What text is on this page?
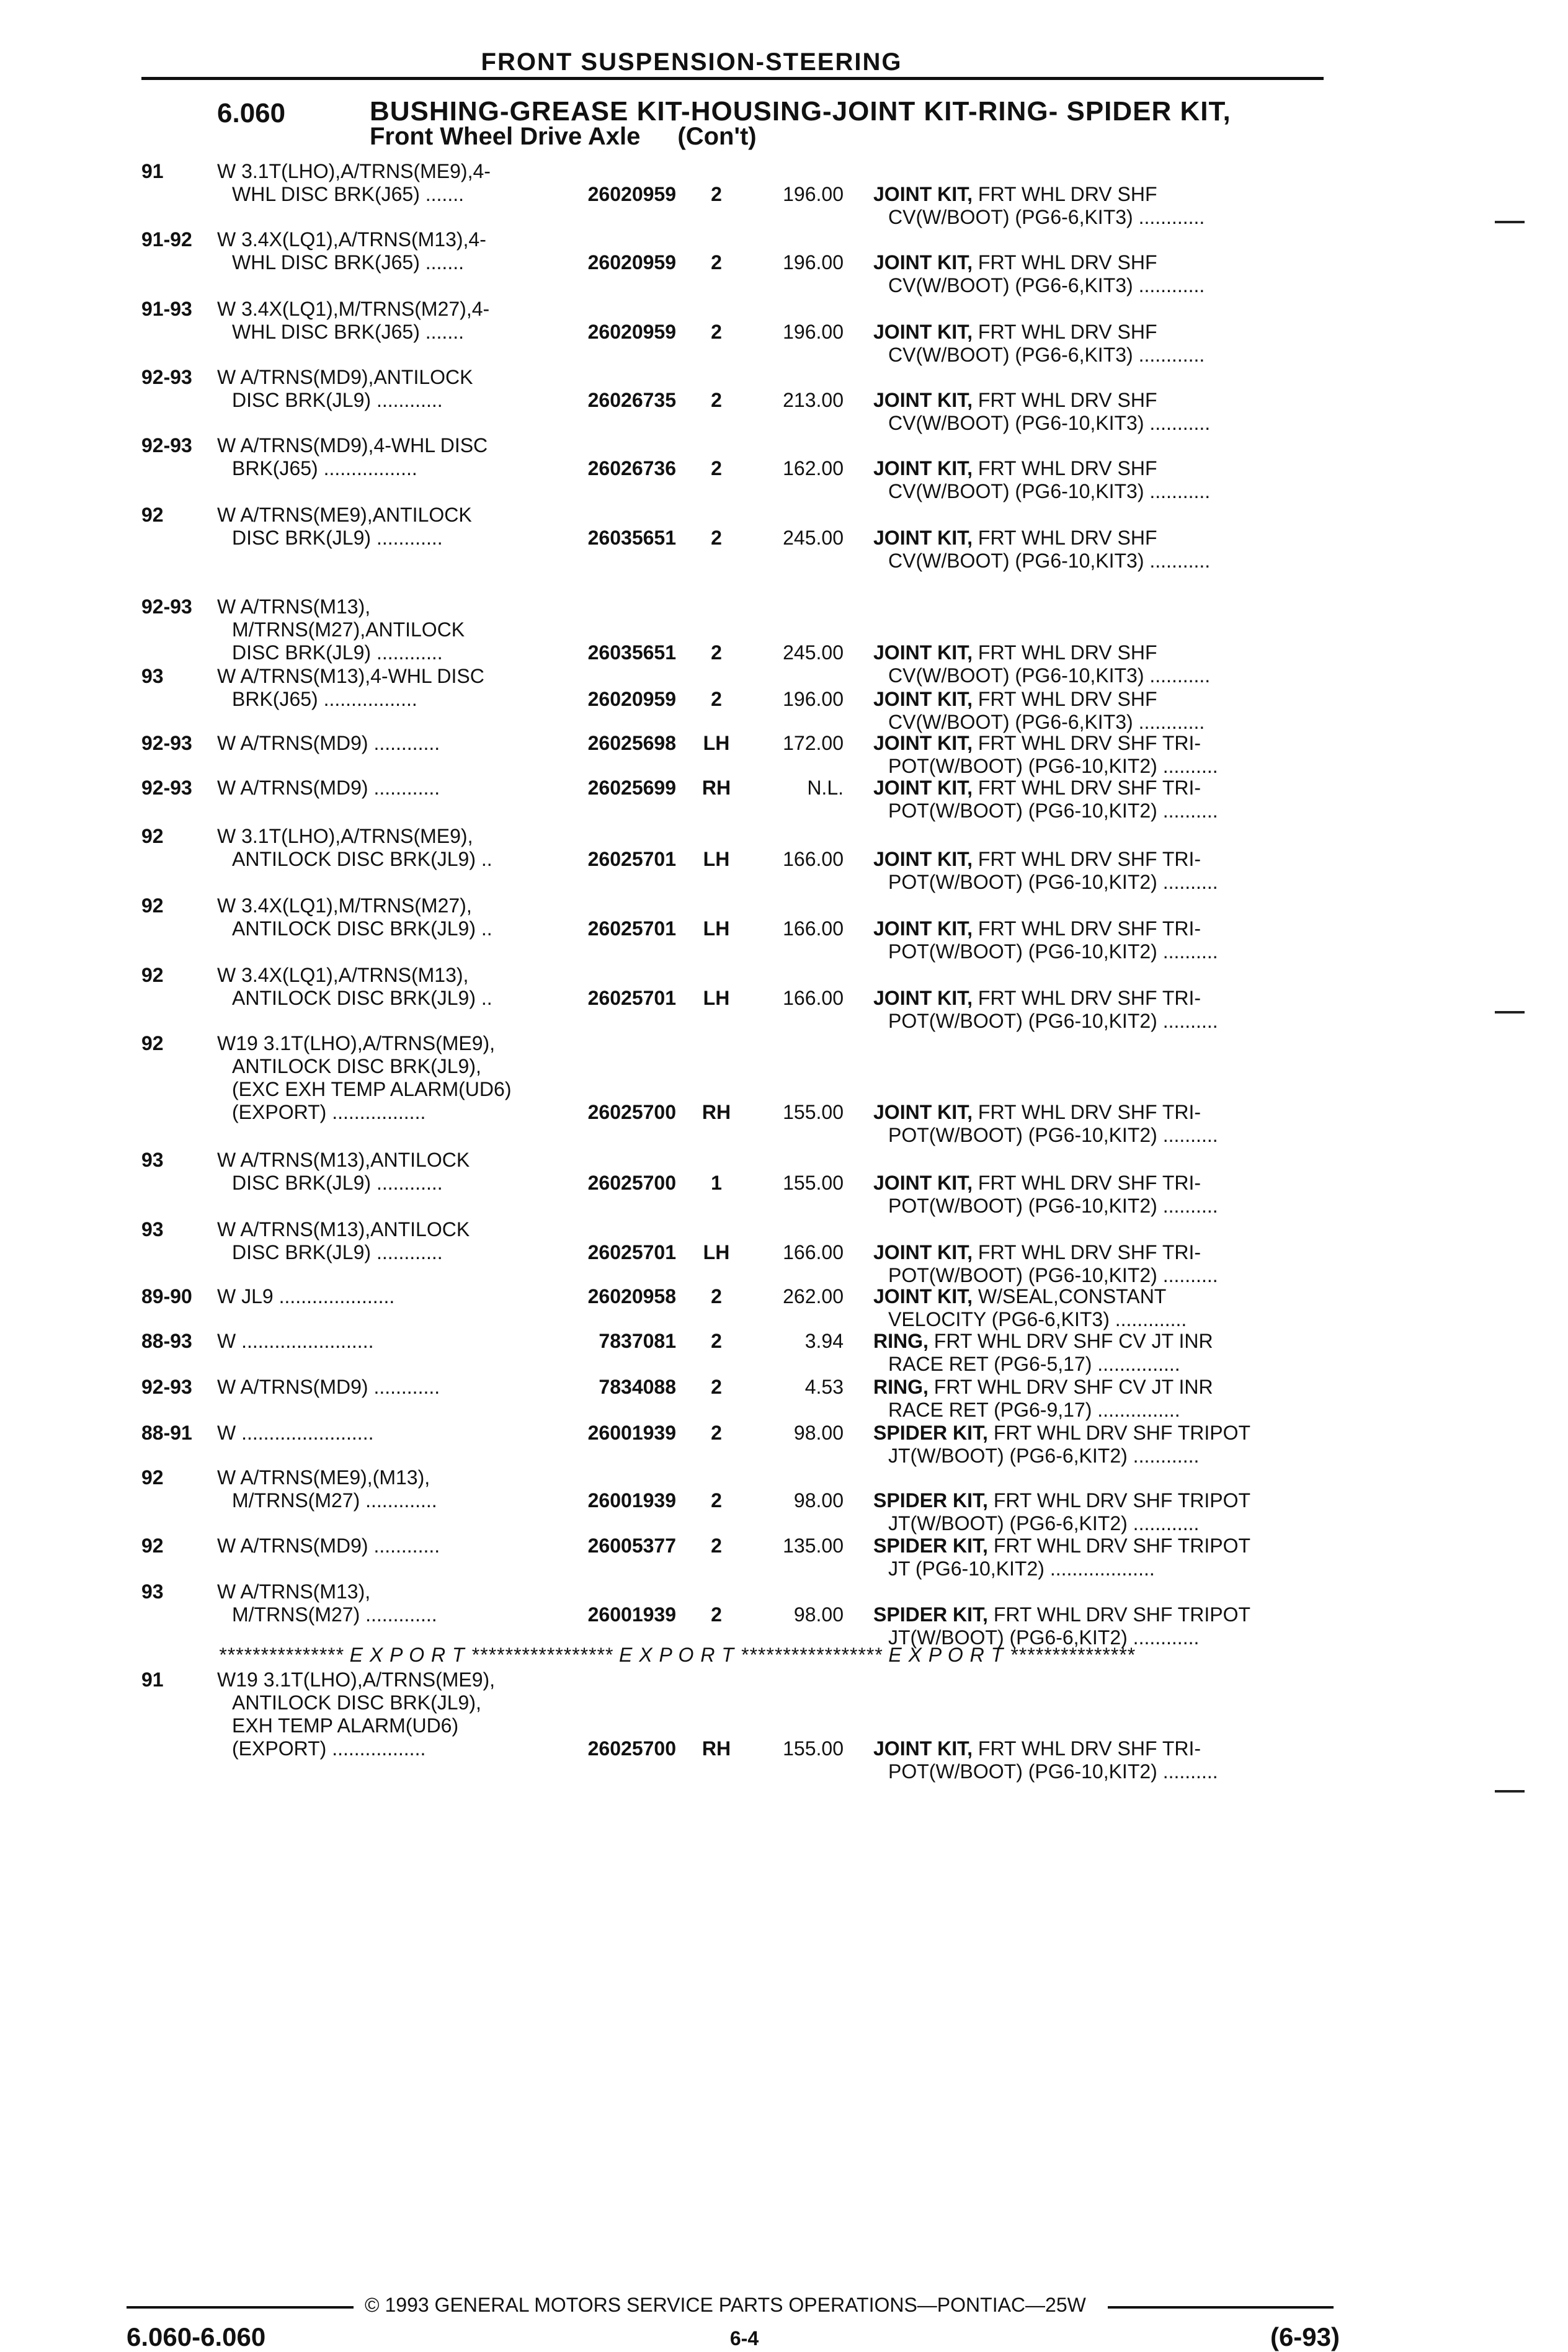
FRONT SUSPENSION-STEERING
6.060	BUSHING-GREASE KIT-HOUSING-JOINT KIT-RING- SPIDER KIT,
Front Wheel Drive Axle (Con't)
91	W 3.1T(LHO),A/TRNS(ME9),4-
WHL DISC BRK(J65) .......	26020959	2	196.00 JOINT KIT, FRT WHL DRV SHF
CV(W/BOOT) (PG6-6,KIT3) ............
91-92 W 3.4X(LQ1),A/TRNS(M13),4-
WHL DISC BRK(J65) .......	26020959	2	196.00 JOINT KIT, FRT WHL DRV SHF
CV(W/BOOT) (PG6-6,KIT3) ............
91-93 W 3.4X(LQ1),M/TRNS(M27),4-
WHL DISC BRK(J65) .......	26020959	2	196.00 JOINT KIT, FRT WHL DRV SHF
CV(W/BOOT) (PG6-6,KIT3) ............
92-93 W A/TRNS(MD9),ANTILOCK
DISC BRK(JL9) ............	26026735	2	213.00 JOINT KIT, FRT WHL DRV SHF
CV(W/BOOT) (PG6-10,KIT3) ...........
92-93 W A/TRNS(MD9),4-WHL DISC
BRK(J65) .................	26026736	2	162.00 JOINT KIT, FRT WHL DRV SHF
CV(W/BOOT) (PG6-10,KIT3) ...........
92	W A/TRNS(ME9),ANTILOCK
DISC BRK(JL9) ............	26035651	2	245.00 JOINT KIT, FRT WHL DRV SHF
CV(W/BOOT) (PG6-10,KIT3) ...........
92-93 W A/TRNS(M13),
M/TRNS(M27),ANTILOCK
DISC BRK(JL9) ............	26035651	2	245.00 JOINT KIT, FRT WHL DRV SHF
CV(W/BOOT) (PG6-10,KIT3) ...........
93	W A/TRNS(M13),4-WHL DISC
BRK(J65) .................	26020959	2	196.00 JOINT KIT, FRT WHL DRV SHF
CV(W/BOOT) (PG6-6,KIT3) ............
92-93 W A/TRNS(MD9) ............	26025698	LH	172.00 JOINT KIT, FRT WHL DRV SHF TRI-
POT(W/BOOT) (PG6-10,KIT2) ..........
92-93 W A/TRNS(MD9) ............	26025699	RH	N.L. JOINT KIT, FRT WHL DRV SHF TRI-
POT(W/BOOT) (PG6-10,KIT2) ..........
92	W 3.1T(LHO),A/TRNS(ME9),
ANTILOCK DISC BRK(JL9) ..	26025701	LH	166.00 JOINT KIT, FRT WHL DRV SHF TRI-
POT(W/BOOT) (PG6-10,KIT2) ..........
92	W 3.4X(LQ1),M/TRNS(M27),
ANTILOCK DISC BRK(JL9) ..	26025701	LH	166.00 JOINT KIT, FRT WHL DRV SHF TRI-
POT(W/BOOT) (PG6-10,KIT2) ..........
92	W 3.4X(LQ1),A/TRNS(M13),
ANTILOCK DISC BRK(JL9) ..	26025701	LH	166.00 JOINT KIT, FRT WHL DRV SHF TRI-
POT(W/BOOT) (PG6-10,KIT2) ..........
92	W19 3.1T(LHO),A/TRNS(ME9),
ANTILOCK DISC BRK(JL9),
(EXC EXH TEMP ALARM(UD6)
(EXPORT) .................	26025700	RH	155.00 JOINT KIT, FRT WHL DRV SHF TRI-
POT(W/BOOT) (PG6-10,KIT2) ..........
93	W A/TRNS(M13),ANTILOCK
DISC BRK(JL9) ............	26025700	1	155.00 JOINT KIT, FRT WHL DRV SHF TRI-
POT(W/BOOT) (PG6-10,KIT2) ..........
93	W A/TRNS(M13),ANTILOCK
DISC BRK(JL9) ............	26025701	LH	166.00 JOINT KIT, FRT WHL DRV SHF TRI-
POT(W/BOOT) (PG6-10,KIT2) ..........
89-90 W JL9 .....................	26020958	2	262.00 JOINT KIT, W/SEAL,CONSTANT
VELOCITY (PG6-6,KIT3) .............
88-93 W ........................	7837081	2	3.94 RING, FRT WHL DRV SHF CV JT INR
RACE RET (PG6-5,17) ...............
92-93 W A/TRNS(MD9) ............	7834088	2	4.53 RING, FRT WHL DRV SHF CV JT INR
RACE RET (PG6-9,17) ...............
88-91 W ........................	26001939	2	98.00 SPIDER KIT, FRT WHL DRV SHF TRIPOT
JT(W/BOOT) (PG6-6,KIT2) ............
92	W A/TRNS(ME9),(M13),
M/TRNS(M27) .............	26001939	2	98.00 SPIDER KIT, FRT WHL DRV SHF TRIPOT
JT(W/BOOT) (PG6-6,KIT2) ............
92	W A/TRNS(MD9) ............	26005377	2	135.00 SPIDER KIT, FRT WHL DRV SHF TRIPOT
JT (PG6-10,KIT2) ...................
93	W A/TRNS(M13),
M/TRNS(M27) .............	26001939	2	98.00 SPIDER KIT, FRT WHL DRV SHF TRIPOT
JT(W/BOOT) (PG6-6,KIT2) ............
91	W19 3.1T(LHO),A/TRNS(ME9),
ANTILOCK DISC BRK(JL9),
EXH TEMP ALARM(UD6)
(EXPORT) .................	26025700	RH	155.00 JOINT KIT, FRT WHL DRV SHF TRI-
POT(W/BOOT) (PG6-10,KIT2) ..........
*************** E X P O R T ***************** E X P O R T ***************** E X P O R T ***************
© 1993 GENERAL MOTORS SERVICE PARTS OPERATIONS—PONTIAC—25W
6.060-6.060	6-4	(6-93)
